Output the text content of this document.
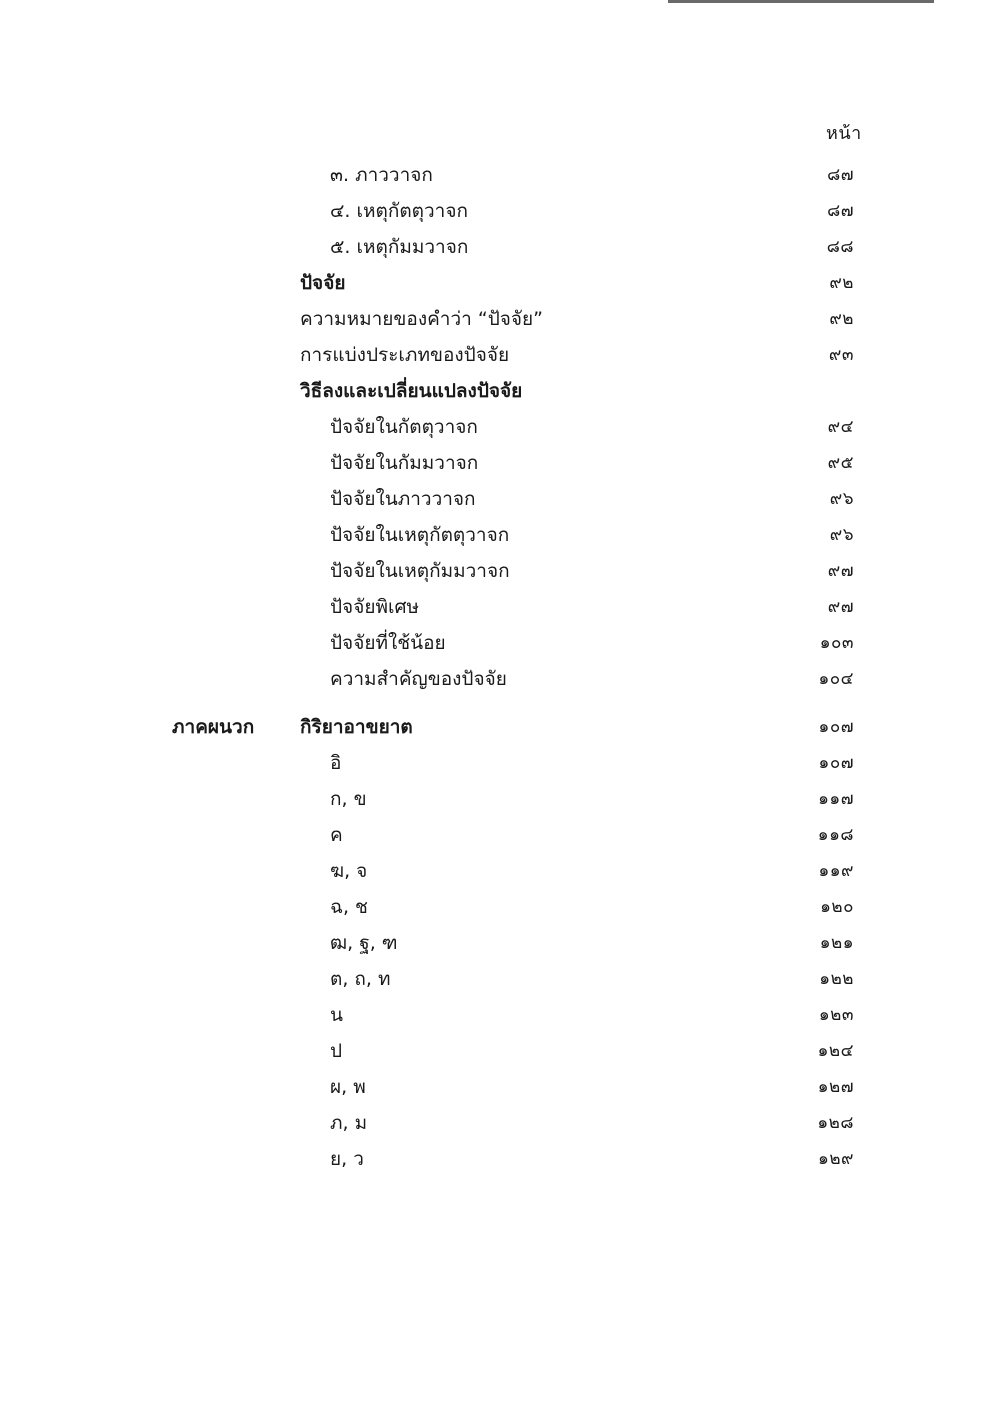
หน้า
๓. ภาววาจก	๘๗
๔. เหตุกัตตุวาจก	๘๗
๕. เหตุกัมมวาจก	๘๘
ปัจจัย	๙๒
ความหมายของคำว่า “ปัจจัย”	๙๒
การแบ่งประเภทของปัจจัย	๙๓
วิธีลงและเปลี่ยนแปลงปัจจัย
ปัจจัยในกัตตุวาจก	๙๔
ปัจจัยในกัมมวาจก	๙๕
ปัจจัยในภาววาจก	๙๖
ปัจจัยในเหตุกัตตุวาจก	๙๖
ปัจจัยในเหตุกัมมวาจก	๙๗
ปัจจัยพิเศษ	๙๗
ปัจจัยที่ใช้น้อย	๑๐๓
ความสำคัญของปัจจัย	๑๐๔
ภาคผนวก กิริยาอาขยาต	๑๐๗
อิ	๑๐๗
ก, ข	๑๑๗
ค	๑๑๘
ฆ, จ	๑๑๙
ฉ, ช	๑๒๐
ฒ, ฐ, ฑ	๑๒๑
ต, ถ, ท	๑๒๒
น	๑๒๓
ป	๑๒๔
ผ, พ	๑๒๗
ภ, ม	๑๒๘
ย, ว	๑๒๙
